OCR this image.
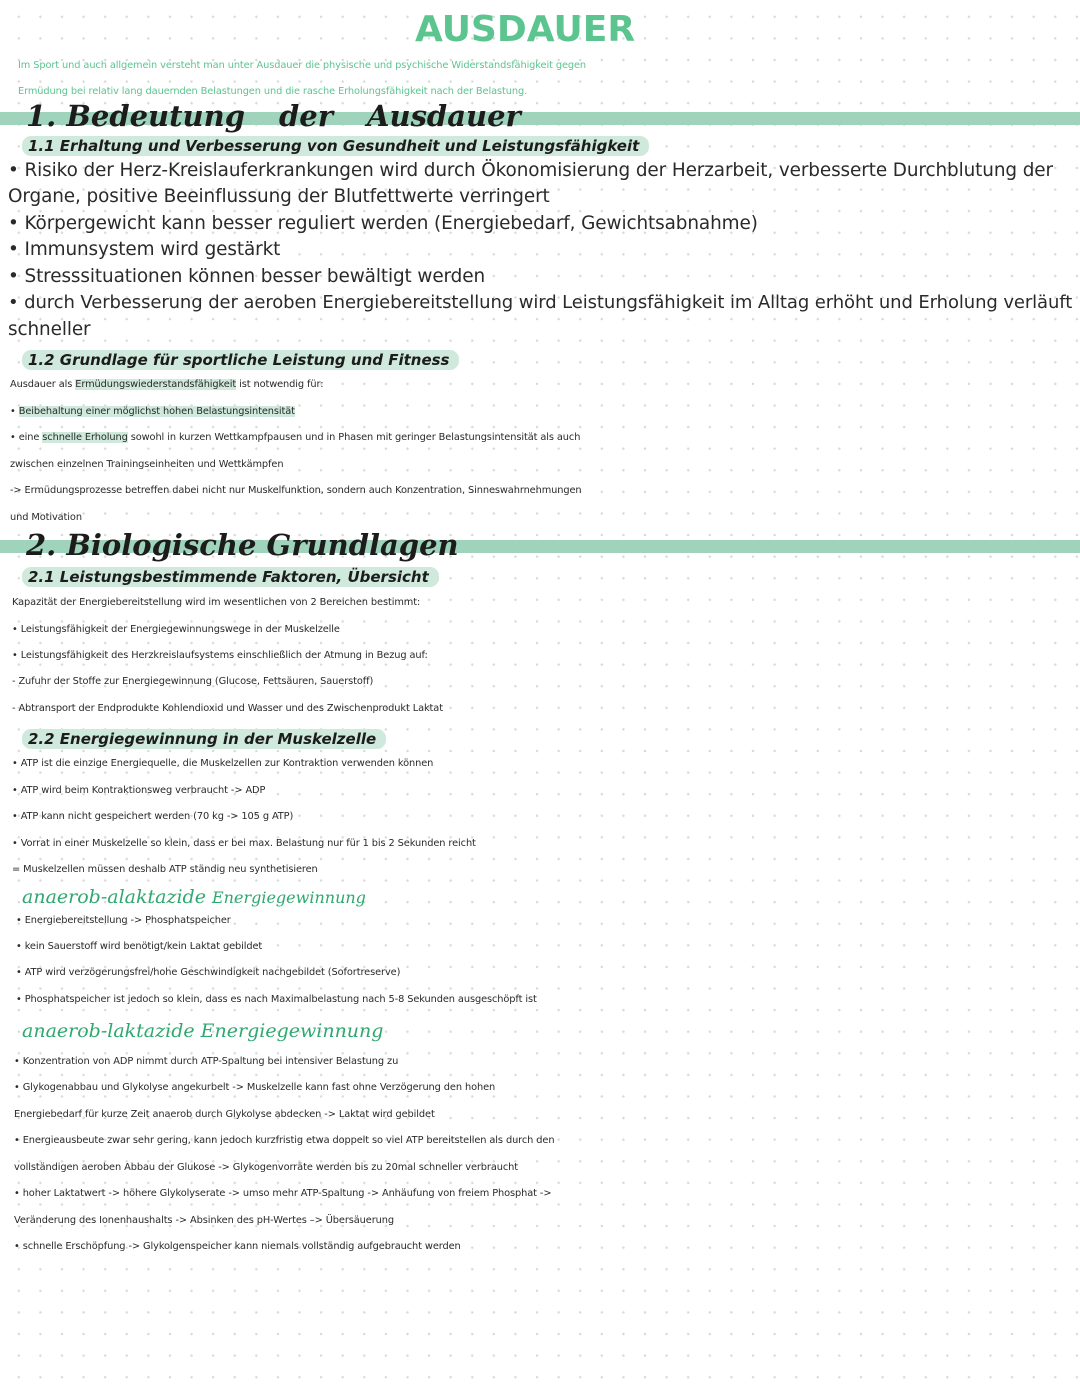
AUSDAUER
Im Sport und auch allgemein versteht man unter Ausdauer die physische und psychische Widerstandsfähigkeit gegen
Ermüdung bei relativ lang dauernden Belastungen und die rasche Erholungsfähigkeit nach der Belastung.
1. Bedeutung der Ausdauer
1.1 Erhaltung und Verbesserung von Gesundheit und Leistungsfähigkeit
• Risiko der Herz-Kreislauferkrankungen wird durch Ökonomisierung der Herzarbeit, verbesserte Durchblutung der
Organe, positive Beeinflussung der Blutfettwerte verringert
• Körpergewicht kann besser reguliert werden (Energiebedarf, Gewichtsabnahme)
• Immunsystem wird gestärkt
• Stresssituationen können besser bewältigt werden
• durch Verbesserung der aeroben Energiebereitstellung wird Leistungsfähigkeit im Alltag erhöht und Erholung verläuft
schneller
1.2 Grundlage für sportliche Leistung und Fitness
Ausdauer als Ermüdungswiederstandsfähigkeit ist notwendig für:
• Beibehaltung einer möglichst hohen Belastungsintensität
• eine schnelle Erholung sowohl in kurzen Wettkampfpausen und in Phasen mit geringer Belastungsintensität als auch
zwischen einzelnen Trainingseinheiten und Wettkämpfen
-> Ermüdungsprozesse betreffen dabei nicht nur Muskelfunktion, sondern auch Konzentration, Sinneswahrnehmungen
und Motivation
2. Biologische Grundlagen
2.1 Leistungsbestimmende Faktoren, Übersicht
Kapazität der Energiebereitstellung wird im wesentlichen von 2 Bereichen bestimmt:
• Leistungsfähigkeit der Energiegewinnungswege in der Muskelzelle
• Leistungsfähigkeit des Herzkreislaufsystems einschließlich der Atmung in Bezug auf:
- Zufuhr der Stoffe zur Energiegewinnung (Glucose, Fettsäuren, Sauerstoff)
- Abtransport der Endprodukte Kohlendioxid und Wasser und des Zwischenprodukt Laktat
2.2 Energiegewinnung in der Muskelzelle
• ATP ist die einzige Energiequelle, die Muskelzellen zur Kontraktion verwenden können
• ATP wird beim Kontraktionsweg verbraucht -> ADP
• ATP kann nicht gespeichert werden (70 kg -> 105 g ATP)
• Vorrat in einer Muskelzelle so klein, dass er bei max. Belastung nur für 1 bis 2 Sekunden reicht
= Muskelzellen müssen deshalb ATP ständig neu synthetisieren
anaerob-alaktazide Energiegewinnung
• Energiebereitstellung -> Phosphatspeicher
• kein Sauerstoff wird benötigt/kein Laktat gebildet
• ATP wird verzögerungsfrei/hohe Geschwindigkeit nachgebildet (Sofortreserve)
• Phosphatspeicher ist jedoch so klein, dass es nach Maximalbelastung nach 5-8 Sekunden ausgeschöpft ist
anaerob-laktazide Energiegewinnung
• Konzentration von ADP nimmt durch ATP-Spaltung bei intensiver Belastung zu
• Glykogenabbau und Glykolyse angekurbelt -> Muskelzelle kann fast ohne Verzögerung den hohen
Energiebedarf für kurze Zeit anaerob durch Glykolyse abdecken -> Laktat wird gebildet
• Energieausbeute zwar sehr gering, kann jedoch kurzfristig etwa doppelt so viel ATP bereitstellen als durch den
vollständigen aeroben Abbau der Glukose -> Glykogenvorräte werden bis zu 20mal schneller verbraucht
• hoher Laktatwert -> höhere Glykolyserate -> umso mehr ATP-Spaltung -> Anhäufung von freiem Phosphat ->
Veränderung des Ionenhaushalts -> Absinken des pH-Wertes –> Übersäuerung
• schnelle Erschöpfung -> Glykolgenspeicher kann niemals vollständig aufgebraucht werden
